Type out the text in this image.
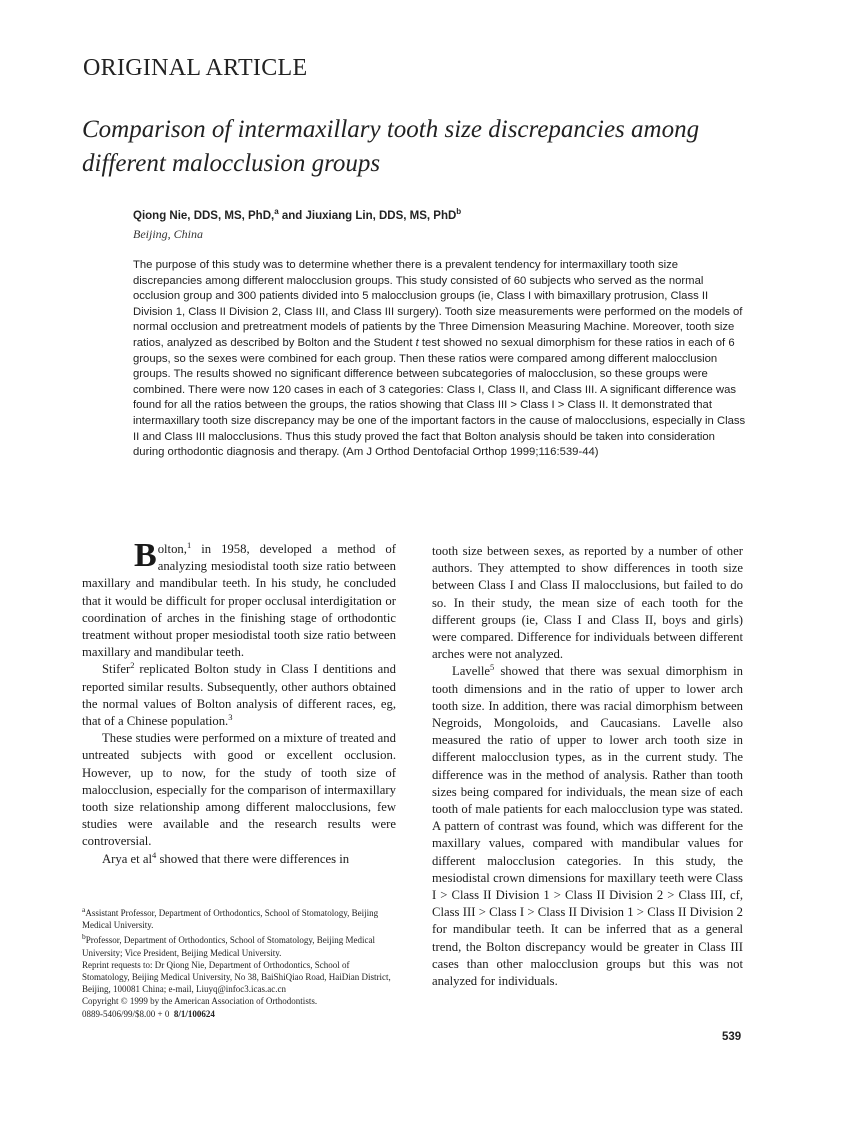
ORIGINAL ARTICLE
Comparison of intermaxillary tooth size discrepancies among different malocclusion groups
Qiong Nie, DDS, MS, PhD,$^a$ and Jiuxiang Lin, DDS, MS, PhD$^b$
Beijing, China
The purpose of this study was to determine whether there is a prevalent tendency for intermaxillary tooth size discrepancies among different malocclusion groups. This study consisted of 60 subjects who served as the normal occlusion group and 300 patients divided into 5 malocclusion groups (ie, Class I with bimaxillary protrusion, Class II Division 1, Class II Division 2, Class III, and Class III surgery). Tooth size measurements were performed on the models of normal occlusion and pretreatment models of patients by the Three Dimension Measuring Machine. Moreover, tooth size ratios, analyzed as described by Bolton and the Student t test showed no sexual dimorphism for these ratios in each of 6 groups, so the sexes were combined for each group. Then these ratios were compared among different malocclusion groups. The results showed no significant difference between subcategories of malocclusion, so these groups were combined. There were now 120 cases in each of 3 categories: Class I, Class II, and Class III. A significant difference was found for all the ratios between the groups, the ratios showing that Class III > Class I > Class II. It demonstrated that intermaxillary tooth size discrepancy may be one of the important factors in the cause of malocclusions, especially in Class II and Class III malocclusions. Thus this study proved the fact that Bolton analysis should be taken into consideration during orthodontic diagnosis and therapy. (Am J Orthod Dentofacial Orthop 1999;116:539-44)

Bolton,$^1$ in 1958, developed a method of analyzing mesiodistal tooth size ratio between maxillary and mandibular teeth. In his study, he concluded that it would be difficult for proper occlusal interdigitation or coordination of arches in the finishing stage of orthodontic treatment without proper mesiodistal tooth size ratio between maxillary and mandibular teeth.

Stifer$^2$ replicated Bolton study in Class I dentitions and reported similar results. Subsequently, other authors obtained the normal values of Bolton analysis of different races, eg, that of a Chinese population.$^3$

These studies were performed on a mixture of treated and untreated subjects with good or excellent occlusion. However, up to now, for the study of tooth size of malocclusion, especially for the comparison of intermaxillary tooth size relationship among different malocclusions, few studies were available and the research results were controversial.

Arya et $al^4$ showed that there were differences in

tooth size between sexes, as reported by a number of other authors. They attempted to show differences in tooth size between Class I and Class II malocclusions, but failed to do so. In their study, the mean size of each tooth for the different groups (ie, Class I and Class II, boys and girls) were compared. Difference for individuals between different arches were not analyzed.

Lavelle$^5$ showed that there was sexual dimorphism in tooth dimensions and in the ratio of upper to lower arch tooth size. In addition, there was racial dimorphism between Negroids, Mongoloids, and Caucasians. Lavelle also measured the ratio of upper to lower arch tooth size in different malocclusion types, as in the current study. The difference was in the method of analysis. Rather than tooth sizes being compared for individuals, the mean size of each tooth of male patients for each malocclusion type was stated. A pattern of contrast was found, which was different for the maxillary values, compared with mandibular values for different malocclusion categories. In this study, the mesiodistal crown dimensions for maxillary teeth were Class I > Class II Division 1 > Class II Division 2 > Class III, cf, Class III > Class I > Class II Division 1 > Class II Division 2 for mandibular teeth. It can be inferred that as a general trend, the Bolton discrepancy would be greater in Class III cases than other malocclusion groups but this was not analyzed for individuals.

$^a$Assistant Professor, Department of Orthodontics, School of Stomatology, Beijing Medical University.

$^b$Professor, Department of Orthodontics, School of Stomatology, Beijing Medical University; Vice President, Beijing Medical University.

Reprint requests to: Dr Qiong Nie, Department of Orthodontics, School of Stomatology, Beijing Medical University, No 38, BaiShiQiao Road, HaiDian District, Beijing, 100081 China; e-mail, Liuyq@infoc3.icas.ac.cn

Copyright © 1999 by the American Association of Orthodontists.

0889-5406/99/$8.00 + 0 8/1/100624

539
